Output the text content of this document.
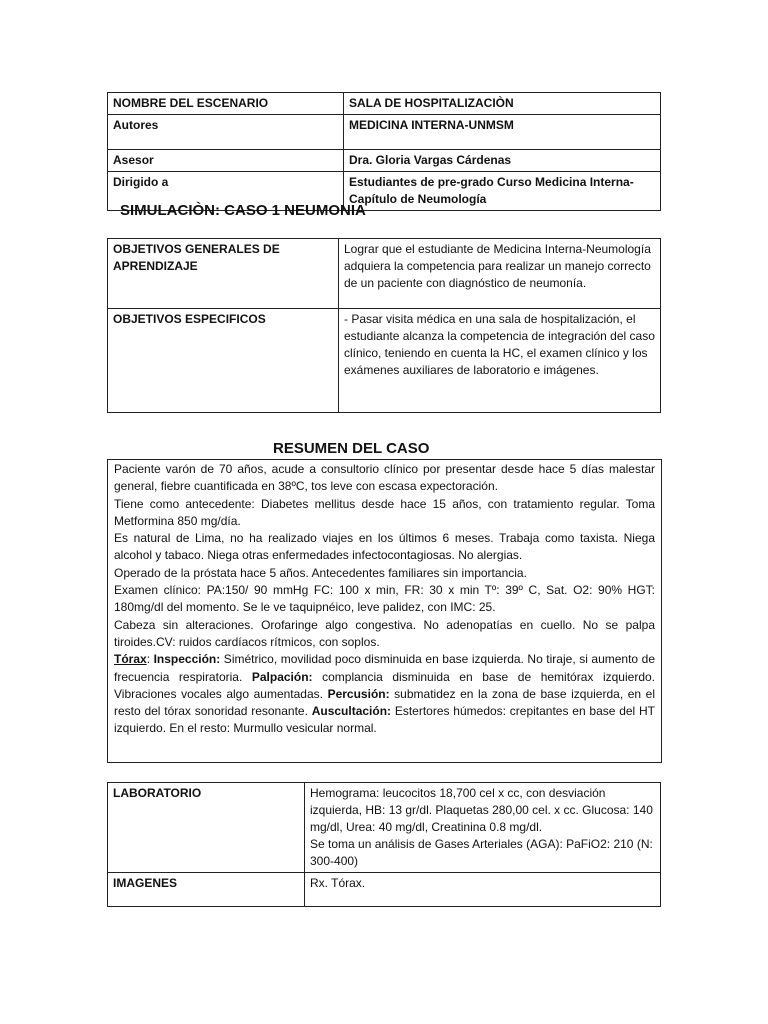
NOMBRE DEL ESCENARIO	SALA DE HOSPITALIZACIÒN
Autores	MEDICINA INTERNA-UNMSM
Asesor	Dra. Gloria Vargas Cárdenas
Dirigido a	Estudiantes de pre-grado Curso Medicina Interna-Capítulo de Neumología
SIMULACIÒN: CASO 1 NEUMONIA
OBJETIVOS GENERALES DE APRENDIZAJE	Lograr que el estudiante de Medicina Interna-Neumología adquiera la competencia para realizar un manejo correcto de un paciente con diagnóstico de neumonía.
OBJETIVOS ESPECIFICOS	- Pasar visita médica en una sala de hospitalización, el estudiante alcanza la competencia de integración del caso clínico, teniendo en cuenta la HC, el examen clínico y los exámenes auxiliares de laboratorio e imágenes.
RESUMEN DEL CASO

Paciente varón de 70 años, acude a consultorio clínico por presentar desde hace 5 días malestar general, fiebre cuantificada en 38ºC, tos leve con escasa expectoración.

Tiene como antecedente: Diabetes mellitus desde hace 15 años, con tratamiento regular. Toma Metformina 850 mg/día.

Es natural de Lima, no ha realizado viajes en los últimos 6 meses. Trabaja como taxista. Niega alcohol y tabaco. Niega otras enfermedades infectocontagiosas. No alergias.

Operado de la próstata hace 5 años. Antecedentes familiares sin importancia.

Examen clínico: PA:150/ 90 mmHg FC: 100 x min, FR: 30 x min Tº: 39º C, Sat. O2: 90% HGT: 180mg/dl del momento. Se le ve taquipnéico, leve palidez, con IMC: 25.

Cabeza sin alteraciones. Orofaringe algo congestiva. No adenopatías en cuello. No se palpa tiroides.CV: ruidos cardíacos rítmicos, con soplos.

Tórax: Inspección: Simétrico, movilidad poco disminuida en base izquierda. No tiraje, si aumento de frecuencia respiratoria. Palpación: complancia disminuida en base de hemitórax izquierdo. Vibraciones vocales algo aumentadas. Percusión: submatidez en la zona de base izquierda, en el resto del tórax sonoridad resonante. Auscultación: Estertores húmedos: crepitantes en base del HT izquierdo. En el resto: Murmullo vesicular normal.

LABORATORIO	Hemograma: leucocitos 18,700 cel x cc, con desviación izquierda, HB: 13 gr/dl. Plaquetas 280,00 cel. x cc. Glucosa: 140 mg/dl, Urea: 40 mg/dl, Creatinina 0.8 mg/dl.
Se toma un análisis de Gases Arteriales (AGA): PaFiO2: 210 (N: 300-400)

IMAGENES	Rx. Tórax.
